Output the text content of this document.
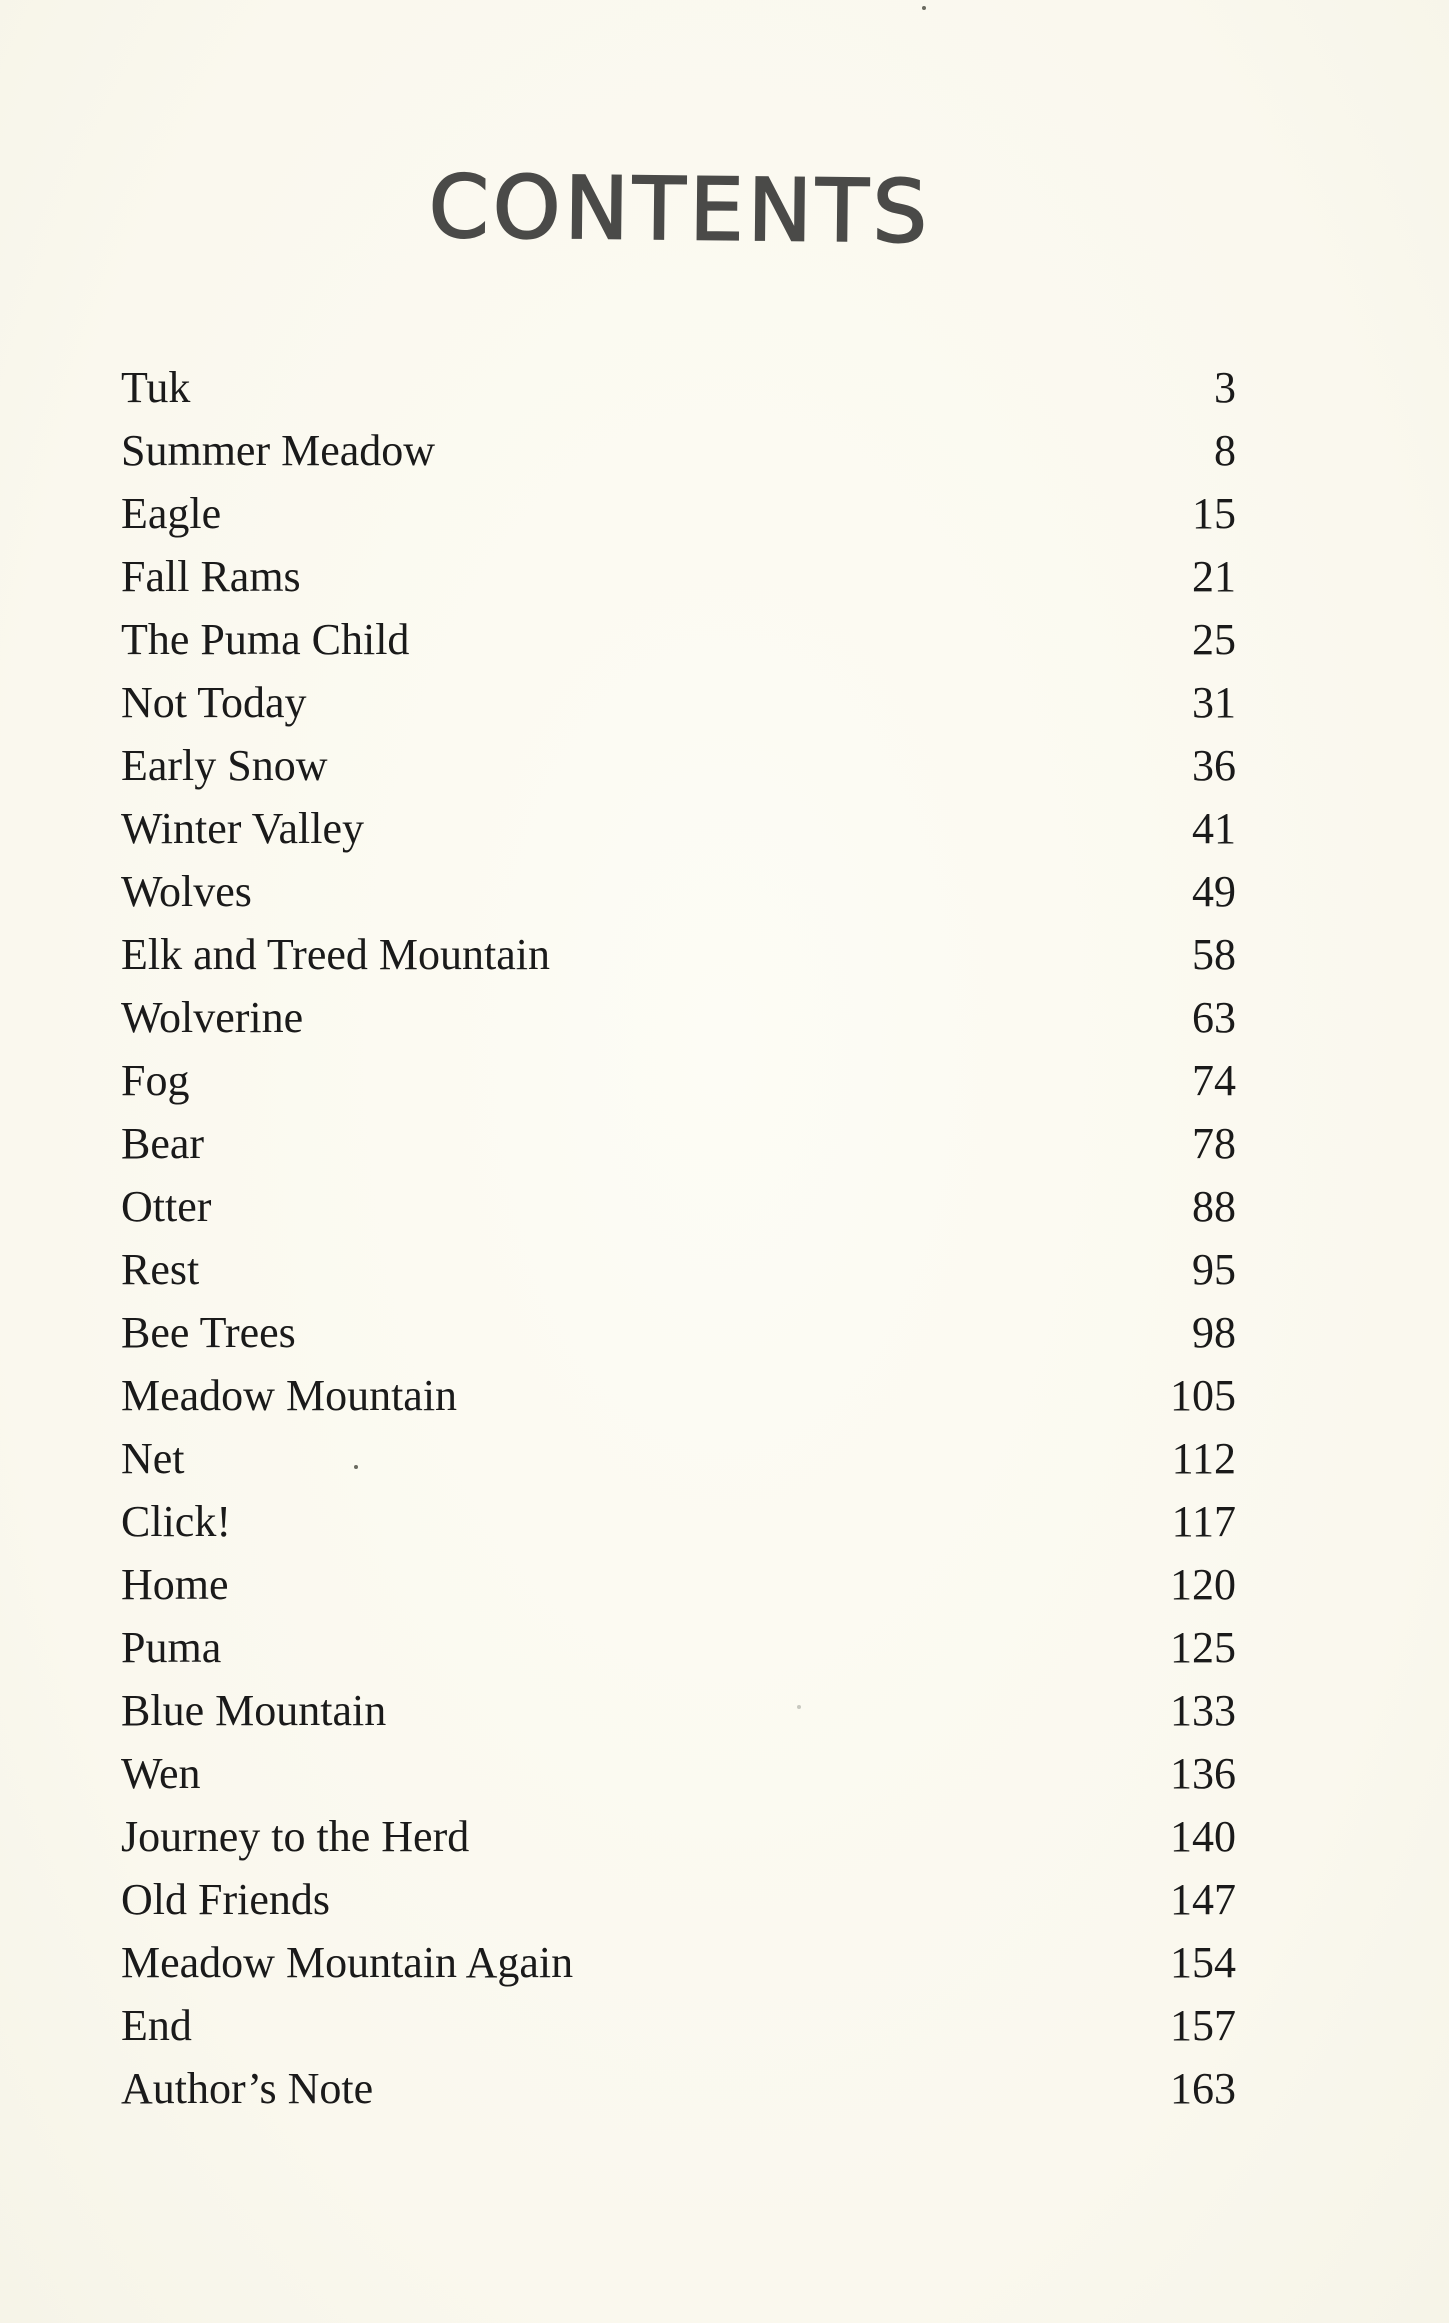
CONTENTS
Tuk	3
Summer Meadow	8
Eagle	15
Fall Rams	21
The Puma Child	25
Not Today	31
Early Snow	36
Winter Valley	41
Wolves	49
Elk and Treed Mountain	58
Wolverine	63
Fog	74
Bear	78
Otter	88
Rest	95
Bee Trees	98
Meadow Mountain	105
Net	112
Click!	117
Home	120
Puma	125
Blue Mountain	133
Wen	136
Journey to the Herd	140
Old Friends	147
Meadow Mountain Again	154
End	157
Author’s Note	163
